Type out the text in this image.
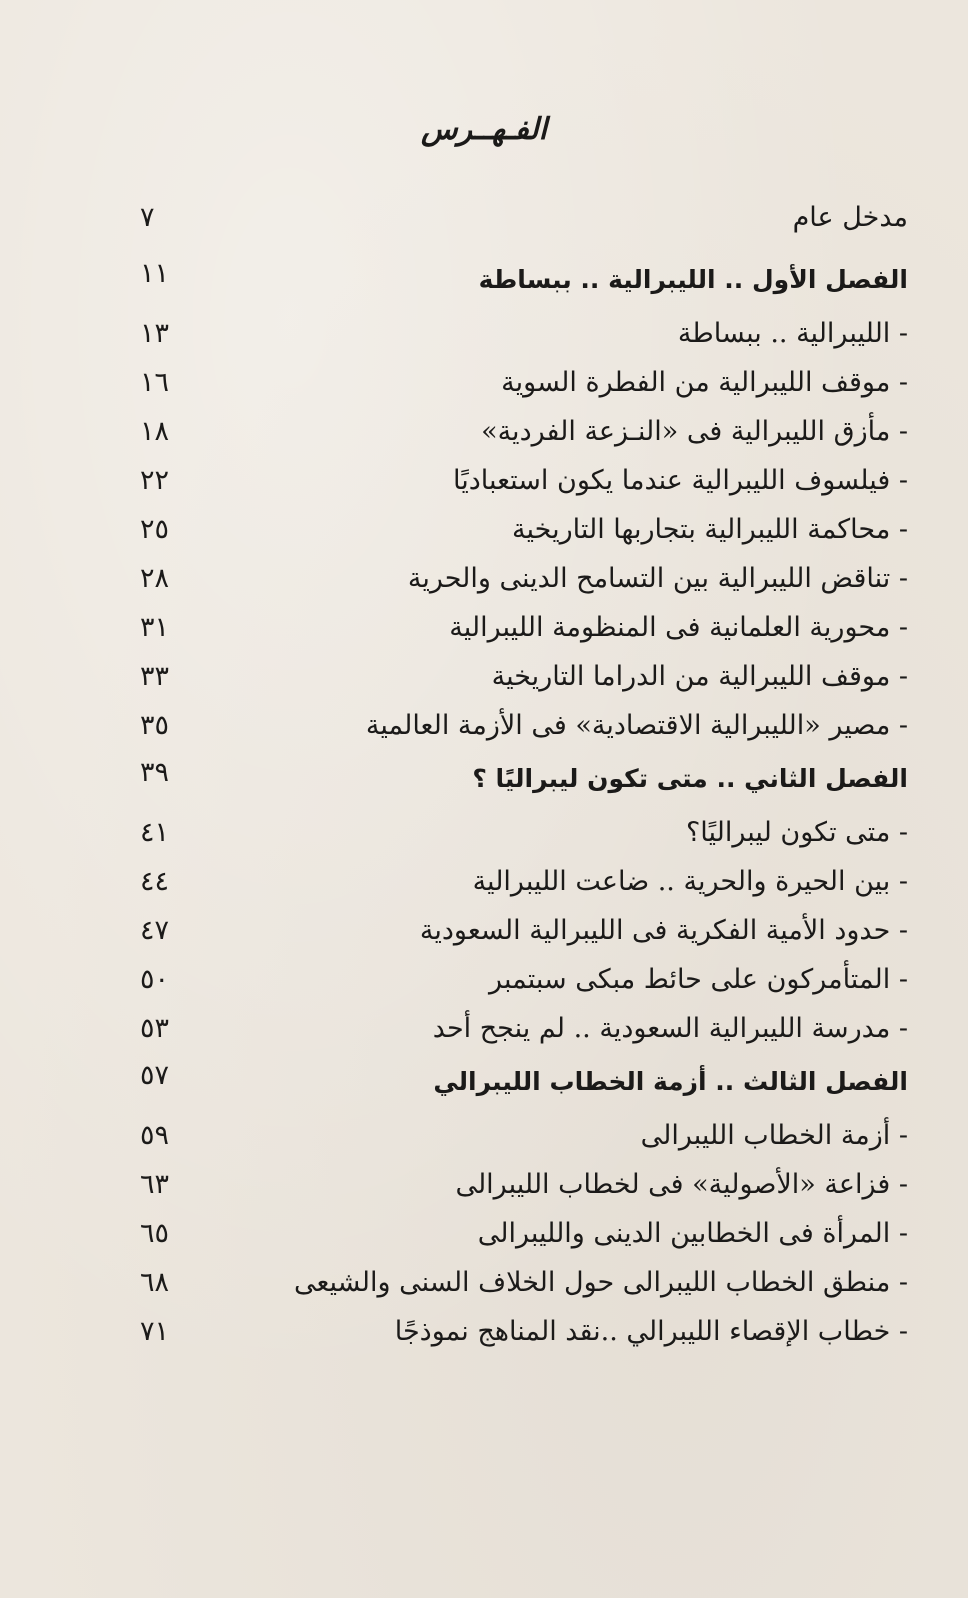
الفـهــرس
مدخل عام
٧
الفصل الأول .. الليبرالية .. ببساطة
١١
- الليبرالية .. ببساطة
١٣
- موقف الليبرالية من الفطرة السوية
١٦
- مأزق الليبرالية فى «النـزعة الفردية»
١٨
- فيلسوف الليبرالية عندما يكون استعباديًا
٢٢
- محاكمة الليبرالية بتجاربها التاريخية
٢٥
- تناقض الليبرالية بين التسامح الدينى والحرية
٢٨
- محورية العلمانية فى المنظومة الليبرالية
٣١
- موقف الليبرالية من الدراما التاريخية
٣٣
- مصير «الليبرالية الاقتصادية» فى الأزمة العالمية
٣٥
الفصل الثاني .. متى تكون ليبراليًا ؟
٣٩
- متى تكون ليبراليًا؟
٤١
- بين الحيرة والحرية .. ضاعت الليبرالية
٤٤
- حدود الأمية الفكرية فى الليبرالية السعودية
٤٧
- المتأمركون على حائط مبكى سبتمبر
٥٠
- مدرسة الليبرالية السعودية .. لم ينجح أحد
٥٣
الفصل الثالث .. أزمة الخطاب الليبرالي
٥٧
- أزمة الخطاب الليبرالى
٥٩
- فزاعة «الأصولية» فى لخطاب الليبرالى
٦٣
- المرأة فى الخطابين الدينى والليبرالى
٦٥
- منطق الخطاب الليبرالى حول الخلاف السنى والشيعى
٦٨
- خطاب الإقصاء الليبرالي ..نقد المناهج نموذجًا
٧١
